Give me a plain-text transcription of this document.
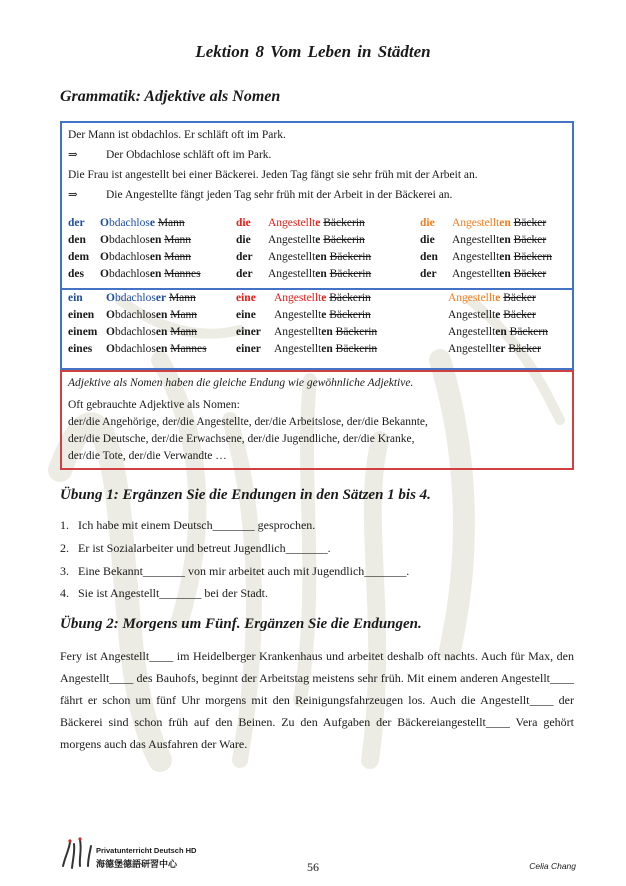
Lektion 8 Vom Leben in Städten
Grammatik: Adjektive als Nomen
Der Mann ist obdachlos. Er schläft oft im Park.
⇒ Der Obdachlose schläft oft im Park.
Die Frau ist angestellt bei einer Bäckerei. Jeden Tag fängt sie sehr früh mit der Arbeit an.
⇒ Die Angestellte fängt jeden Tag sehr früh mit der Arbeit in der Bäckerei an.
der Obdachlose Mann
den Obdachlosen Mann
dem Obdachlosen Mann
des Obdachlosen Mannes
die Angestellte Bäckerin
die Angestellte Bäckerin
der Angestellten Bäckerin
der Angestellten Bäckerin
die Angestellten Bäcker
die Angestellten Bäcker
den Angestellten Bäckern
der Angestellten Bäcker
ein Obdachloser Mann
einen Obdachlosen Mann
einem Obdachlosen Mann
eines Obdachlosen Mannes
eine Angestellte Bäckerin
eine Angestellte Bäckerin
einer Angestellten Bäckerin
einer Angestellten Bäckerin
Angestellte Bäcker
Angestellte Bäcker
Angestellten Bäckern
Angestellter Bäcker
Adjektive als Nomen haben die gleiche Endung wie gewöhnliche Adjektive.
Oft gebrauchte Adjektive als Nomen:
der/die Angehörige, der/die Angestellte, der/die Arbeitslose, der/die Bekannte,
der/die Deutsche, der/die Erwachsene, der/die Jugendliche, der/die Kranke,
der/die Tote, der/die Verwandte …
Übung 1: Ergänzen Sie die Endungen in den Sätzen 1 bis 4.
1. Ich habe mit einem Deutsch_______ gesprochen.
2. Er ist Sozialarbeiter und betreut Jugendlich_______.
3. Eine Bekannt_______ von mir arbeitet auch mit Jugendlich_______.
4. Sie ist Angestellt_______ bei der Stadt.
Übung 2: Morgens um Fünf. Ergänzen Sie die Endungen.
Fery ist Angestellt____ im Heidelberger Krankenhaus und arbeitet deshalb oft nachts. Auch für Max, den Angestellt____ des Bauhofs, beginnt der Arbeitstag meistens sehr früh. Mit einem anderen Angestellt____ fährt er schon um fünf Uhr morgens mit den Reinigungsfahrzeugen los. Auch die Angestellt____ der Bäckerei sind schon früh auf den Beinen. Zu den Aufgaben der Bäckereiangestellt____ Vera gehört morgens auch das Ausfahren der Ware.
Privatunterricht Deutsch HD
海德堡德語研習中心	56	Celia Chang
